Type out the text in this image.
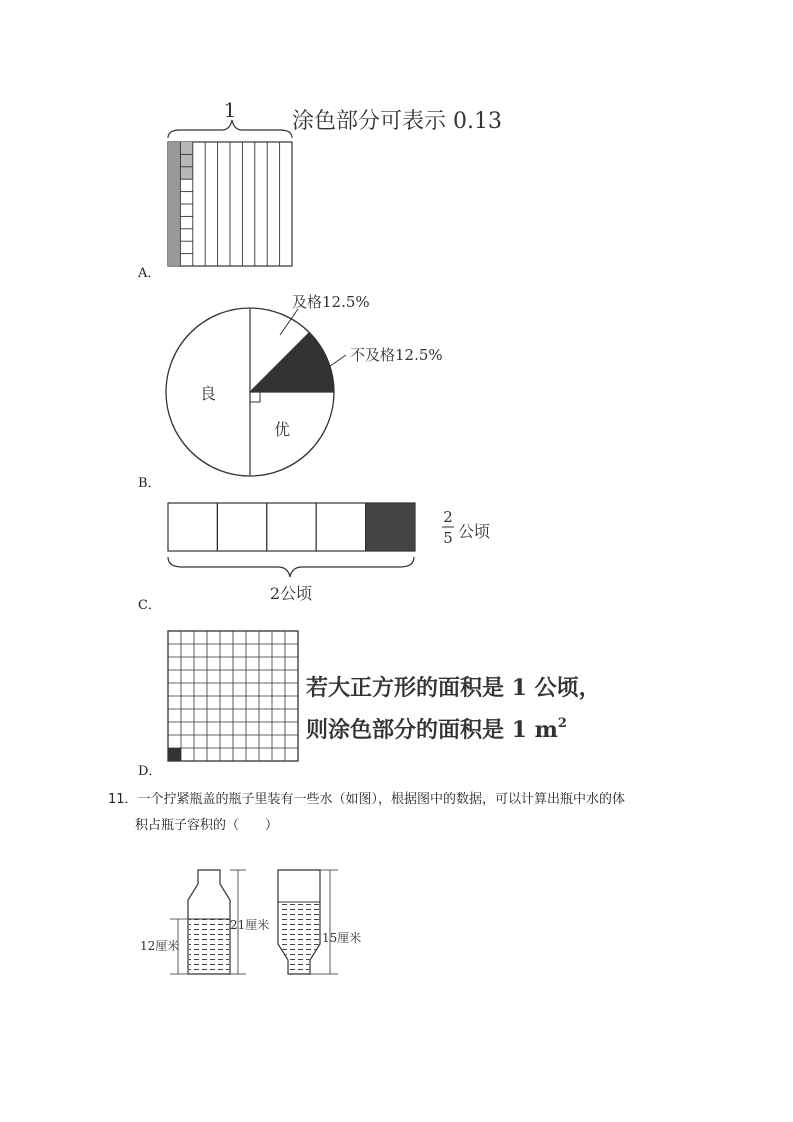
1	涂色部分可表示 0.13
A．
及格12.5%
不及格12.5%
良
优
B．
2
5 公顷
2公顷
C．
若大正方形的面积是 1 公顷，
则涂色部分的面积是 1 $m^2$
D．
11．一个拧紧瓶盖的瓶子里装有一些水（如图），根据图中的数据，可以计算出瓶中水的体
积占瓶子容积的（　　）
12厘米
21厘米
15厘米
